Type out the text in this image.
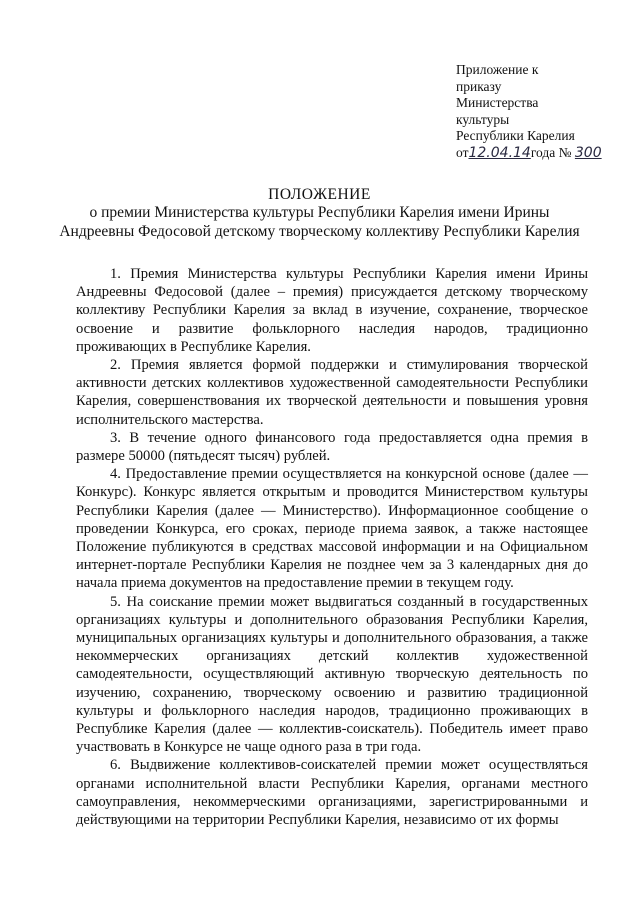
Приложение к
приказу
Министерства
культуры
Республики Карелия
от12.04.14года № 300
ПОЛОЖЕНИЕ
о премии Министерства культуры Республики Карелия имени Ирины
Андреевны Федосовой детскому творческому коллективу Республики Карелия

1. Премия Министерства культуры Республики Карелия имени Ирины Андреевны Федосовой (далее – премия) присуждается детскому творческому коллективу Республики Карелия за вклад в изучение, сохранение, творческое освоение и развитие фольклорного наследия народов, традиционно проживающих в Республике Карелия.

2. Премия является формой поддержки и стимулирования творческой активности детских коллективов художественной самодеятельности Республики Карелия, совершенствования их творческой деятельности и повышения уровня исполнительского мастерства.

3. В течение одного финансового года предоставляется одна премия в размере 50000 (пятьдесят тысяч) рублей.

4. Предоставление премии осуществляется на конкурсной основе (далее — Конкурс). Конкурс является открытым и проводится Министерством культуры Республики Карелия (далее — Министерство). Информационное сообщение о проведении Конкурса, его сроках, периоде приема заявок, а также настоящее Положение публикуются в средствах массовой информации и на Официальном интернет-портале Республики Карелия не позднее чем за 3 календарных дня до начала приема документов на предоставление премии в текущем году.

5. На соискание премии может выдвигаться созданный в государственных организациях культуры и дополнительного образования Республики Карелия, муниципальных организациях культуры и дополнительного образования, а также некоммерческих организациях детский коллектив художественной самодеятельности, осуществляющий активную творческую деятельность по изучению, сохранению, творческому освоению и развитию традиционной культуры и фольклорного наследия народов, традиционно проживающих в Республике Карелия (далее — коллектив-соискатель). Победитель имеет право участвовать в Конкурсе не чаще одного раза в три года.

6. Выдвижение коллективов-соискателей премии может осуществляться органами исполнительной власти Республики Карелия, органами местного самоуправления, некоммерческими организациями, зарегистрированными и действующими на территории Республики Карелия, независимо от их формы
